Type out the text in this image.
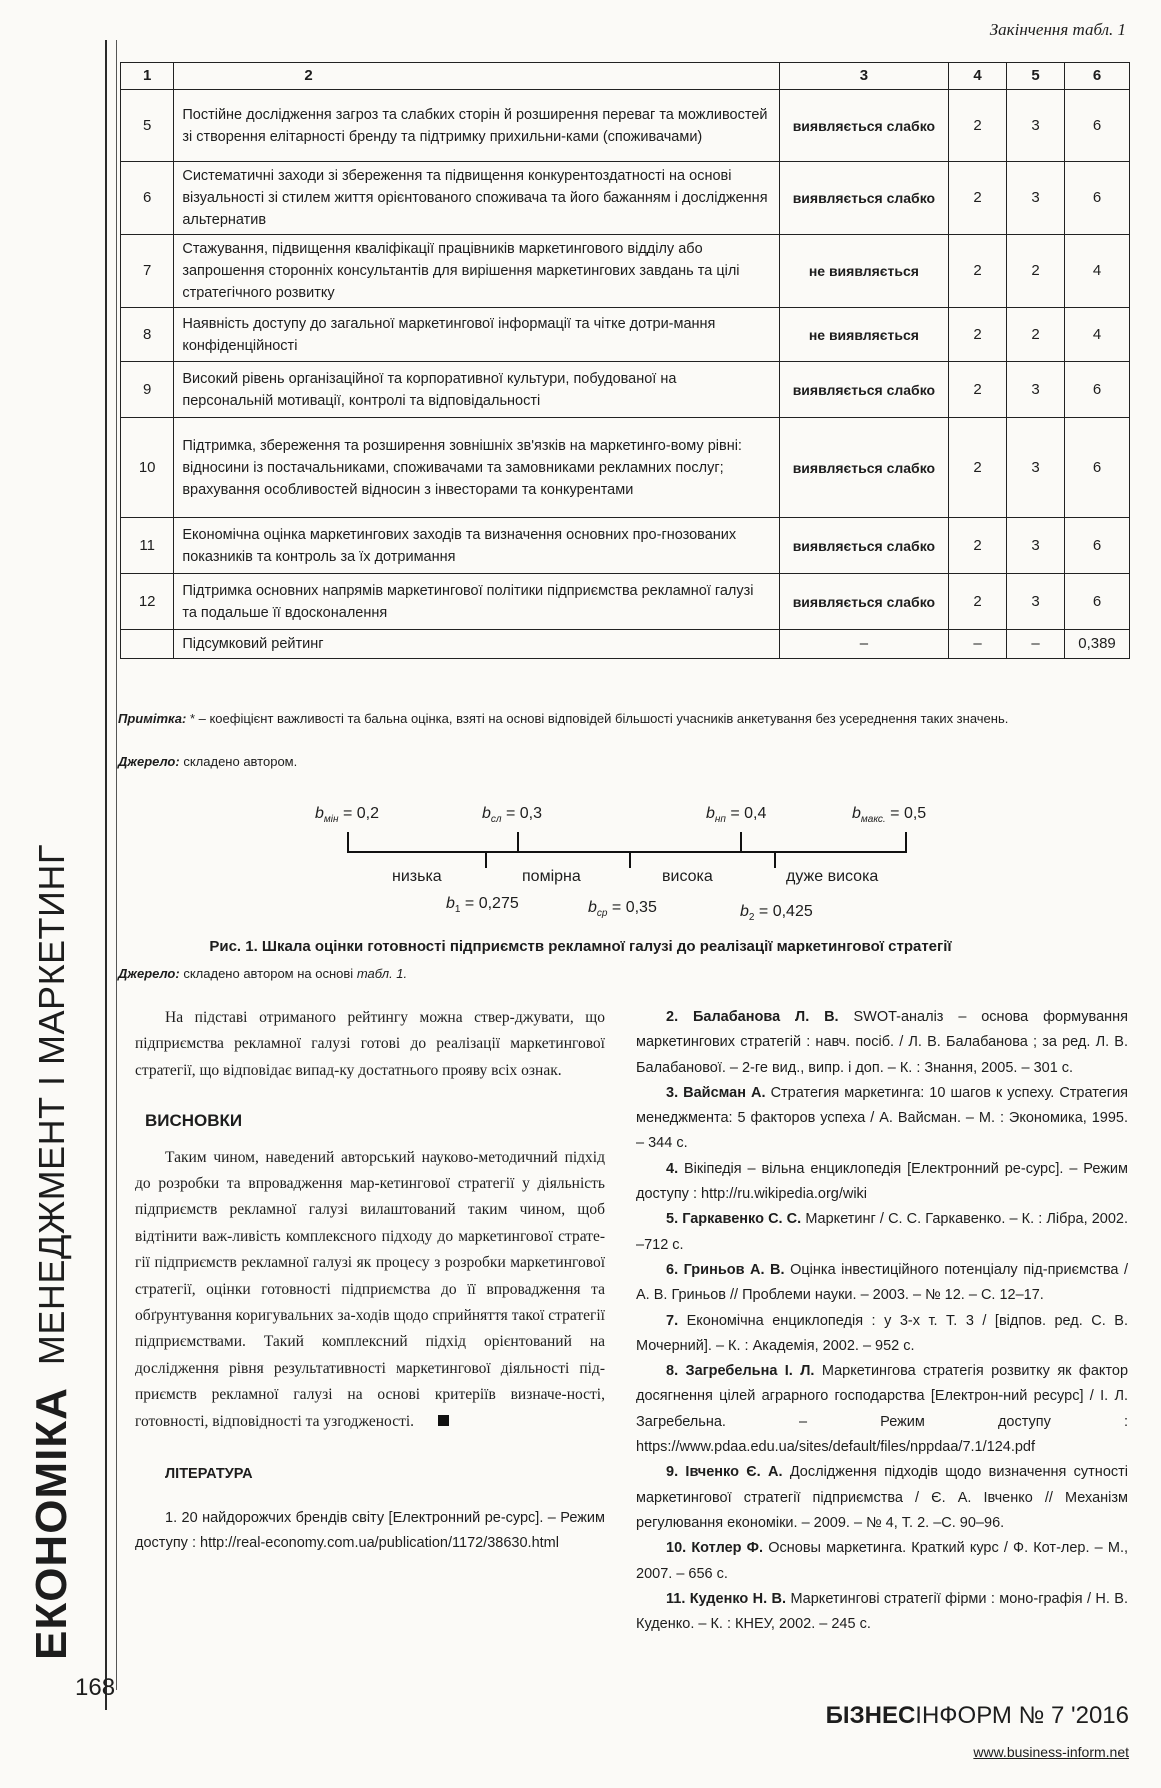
ЕКОНОМІКА
МЕНЕДЖМЕНТ І МАРКЕТИНГ
Закінчення табл. 1
1	2	3	4	5	6
5	Постійне дослідження загроз та слабких сторін й розширення переваг та можливостей зі створення елітарності бренду та підтримку прихильни-ками (споживачами)	виявляється слабко	2	3	6
6	Систематичні заходи зі збереження та підвищення конкурентоздатності на основі візуальності зі стилем життя орієнтованого споживача та його бажанням і дослідження альтернатив	виявляється слабко	2	3	6
7	Стажування, підвищення кваліфікації працівників маркетингового відділу або запрошення сторонніх консультантів для вирішення маркетингових завдань та цілі стратегічного розвитку	не виявляється	2	2	4
8	Наявність доступу до загальної маркетингової інформації та чітке дотри-мання конфіденційності	не виявляється	2	2	4
9	Високий рівень організаційної та корпоративної культури, побудованої на персональній мотивації, контролі та відповідальності	виявляється слабко	2	3	6
10	Підтримка, збереження та розширення зовнішніх зв'язків на маркетинго-вому рівні: відносини із постачальниками, споживачами та замовниками рекламних послуг; врахування особливостей відносин з інвесторами та конкурентами	виявляється слабко	2	3	6
11	Економічна оцінка маркетингових заходів та визначення основних про-гнозованих показників та контроль за їх дотримання	виявляється слабко	2	3	6
12	Підтримка основних напрямів маркетингової політики підприємства рекламної галузі та подальше її вдосконалення	виявляється слабко	2	3	6
	Підсумковий рейтинг	–	–	–	0,389
Примітка: * – коефіцієнт важливості та бальна оцінка, взяті на основі відповідей більшості учасників анкетування без усереднення таких значень.
Джерело: складено автором.
$b_{мін} = 0,2$	$b_{сл} = 0,3$	$b_{нп} = 0,4$	$b_{макс.} = 0,5$
низька	помірна	висока	дуже висока
$b_1 = 0,275$	$b_{ср} = 0,35$	$b_2 = 0,425$
Рис. 1. Шкала оцінки готовності підприємств рекламної галузі до реалізації маркетингової стратегії
Джерело: складено автором на основі табл. 1.

На підставі отриманого рейтингу можна ствер-джувати, що підприємства рекламної галузі готові до реалізації маркетингової стратегії, що відповідає випад-ку достатнього прояву всіх ознак.

ВИСНОВКИ

Таким чином, наведений авторський науково-методичний підхід до розробки та впровадження мар-кетингової стратегії у діяльність підприємств рекламної галузі вилаштований таким чином, щоб відтінити важ-ливість комплексного підходу до маркетингової страте-гії підприємств рекламної галузі як процесу з розробки маркетингової стратегії, оцінки готовності підприємства до її впровадження та обґрунтування коригувальних за-ходів щодо сприйняття такої стратегії підприємствами. Такий комплексний підхід орієнтований на дослідження рівня результативності маркетингової діяльності під-приємств рекламної галузі на основі критеріїв визначе-ності, готовності, відповідності та узгодженості.

ЛІТЕРАТУРА

1. 20 найдорожчих брендів світу [Електронний ре-сурс]. – Режим доступу : http://real-economy.com.ua/publication/1172/38630.html

2. Балабанова Л. В. SWOT-аналіз – основа формування маркетингових стратегій : навч. посіб. / Л. В. Балабанова ; за ред. Л. В. Балабанової. – 2-ге вид., випр. і доп. – К. : Знання, 2005. – 301 с.

3. Вайсман А. Стратегия маркетинга: 10 шагов к успеху. Стратегия менеджмента: 5 факторов успеха / А. Вайсман. – М. : Экономика, 1995. – 344 с.

4. Вікіпедія – вільна енциклопедія [Електронний ре-сурс]. – Режим доступу : http://ru.wikipedia.org/wiki

5. Гаркавенко С. С. Маркетинг / С. С. Гаркавенко. – К. : Лібра, 2002. –712 с.

6. Гриньов А. В. Оцінка інвестиційного потенціалу під-приємства / А. В. Гриньов // Проблеми науки. – 2003. – № 12. – С. 12–17.

7. Економічна енциклопедія : у 3-х т. Т. 3 / [відпов. ред. С. В. Мочерний]. – К. : Академія, 2002. – 952 с.

8. Загребельна І. Л. Маркетингова стратегія розвитку як фактор досягнення цілей аграрного господарства [Електрон-ний ресурс] / І. Л. Загребельна. – Режим доступу : https://www.pdaa.edu.ua/sites/default/files/nppdaa/7.1/124.pdf

9. Івченко Є. А. Дослідження підходів щодо визначення сутності маркетингової стратегії підприємства / Є. А. Івченко // Механізм регулювання економіки. – 2009. – № 4, Т. 2. –С. 90–96.

10. Котлер Ф. Основы маркетинга. Краткий курс / Ф. Кот-лер. – М., 2007. – 656 с.

11. Куденко Н. В. Маркетингові стратегії фірми : моно-графія / Н. В. Куденко. – К. : КНЕУ, 2002. – 245 с.

168
БІЗНЕСІНФОРМ № 7 '2016
www.business-inform.net
